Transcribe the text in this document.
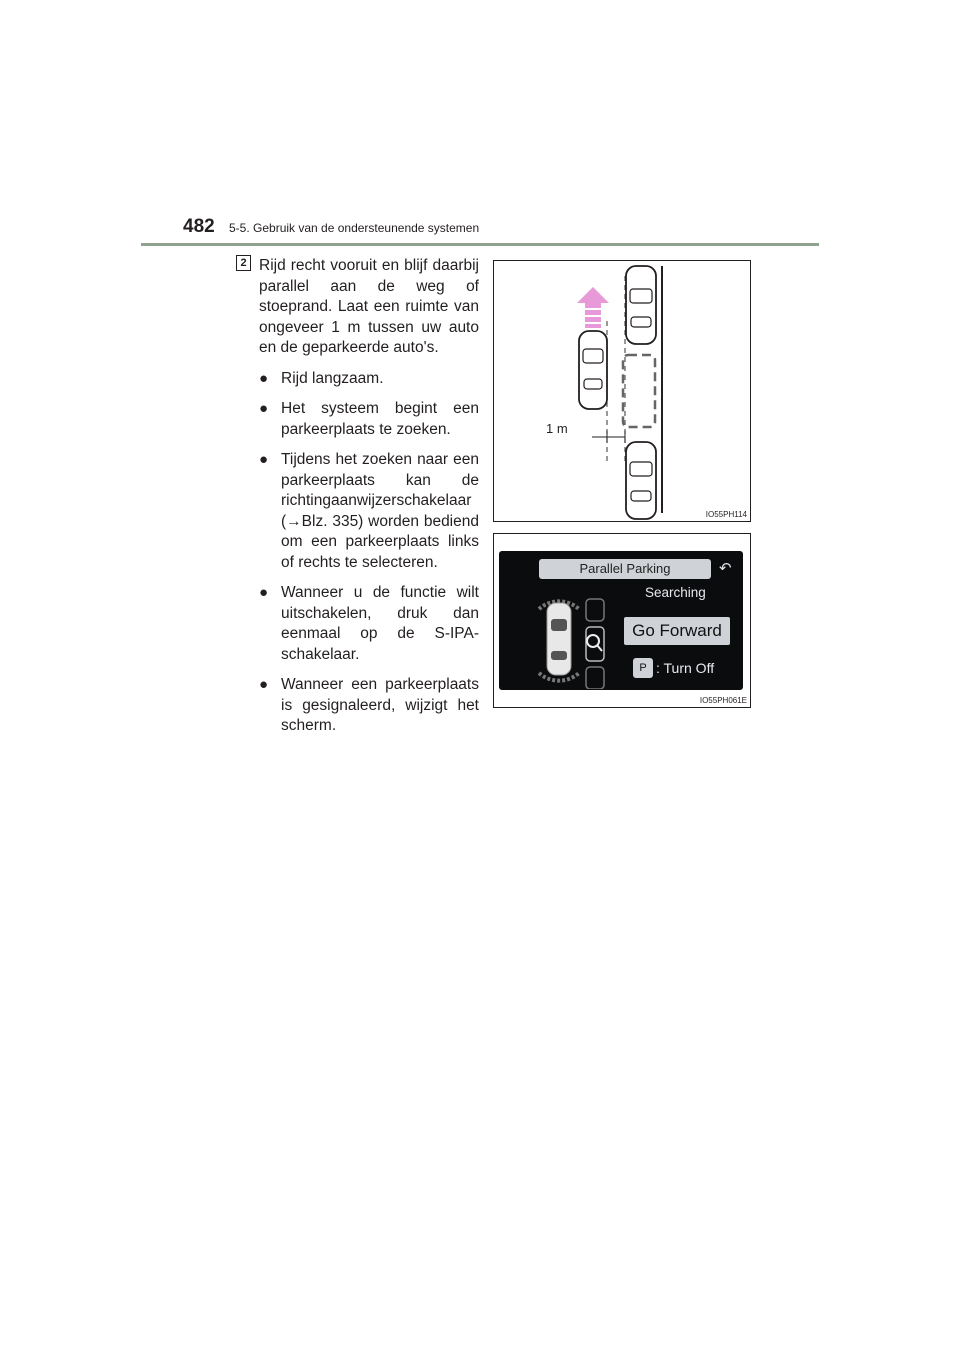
482 5-5. Gebruik van de ondersteunende systemen
2 Rijd recht vooruit en blijf daarbij parallel aan de weg of stoeprand. Laat een ruimte van ongeveer 1 m tussen uw auto en de geparkeerde auto's.

● Rijd langzaam.
● Het systeem begint een parkeerplaats te zoeken.
● Tijdens het zoeken naar een parkeerplaats kan de richtingaanwijzerschakelaar (→Blz. 335) worden bediend om een parkeerplaats links of rechts te selecteren.
● Wanneer u de functie wilt uitschakelen, druk dan eenmaal op de S-IPA-schakelaar.
● Wanneer een parkeerplaats is gesignaleerd, wijzigt het scherm.
1 m
IO55PH114
Parallel Parking	↶
Searching
Go Forward
P : Turn Off
IO55PH061E
